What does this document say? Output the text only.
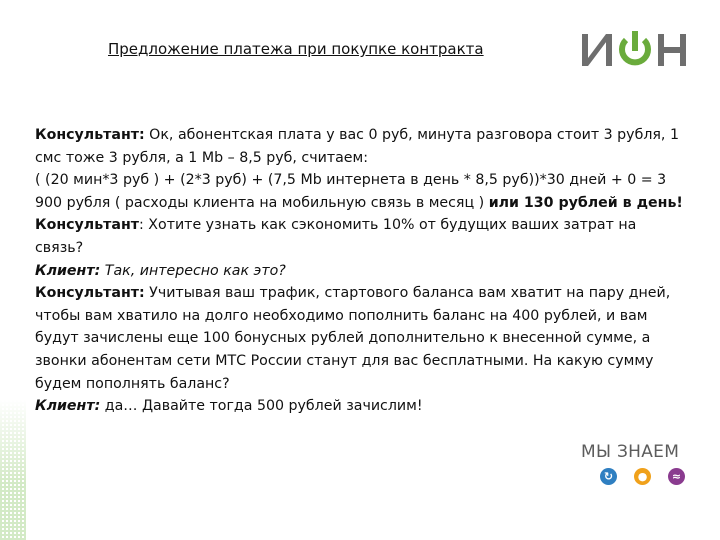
Предложение платежа при покупке контракта

Консультант: Ок, абонентская плата у вас 0 руб, минута разговора стоит 3 рубля, 1 смс тоже 3 рубля, а 1 Mb – 8,5 руб, считаем:

( (20 мин*3 руб ) + (2*3 руб) + (7,5 Mb интернета в день * 8,5 руб))*30 дней + 0 = 3 900 рубля ( расходы клиента на мобильную связь в месяц ) или 130 рублей в день!

Консультант: Хотите узнать как сэкономить 10% от будущих ваших затрат на связь?

Клиент: Так, интересно как это?

Консультант: Учитывая ваш трафик, стартового баланса вам хватит на пару дней, чтобы вам хватило на долго необходимо пополнить баланс на 400 рублей, и вам будут зачислены еще 100 бонусных рублей дополнительно к внесенной сумме, а звонки абонентам сети МТС России станут для вас бесплатными. На какую сумму будем пополнять баланс?

Клиент: да… Давайте тогда 500 рублей зачислим!

МЫ ЗНАЕМ
↻	●	≈
